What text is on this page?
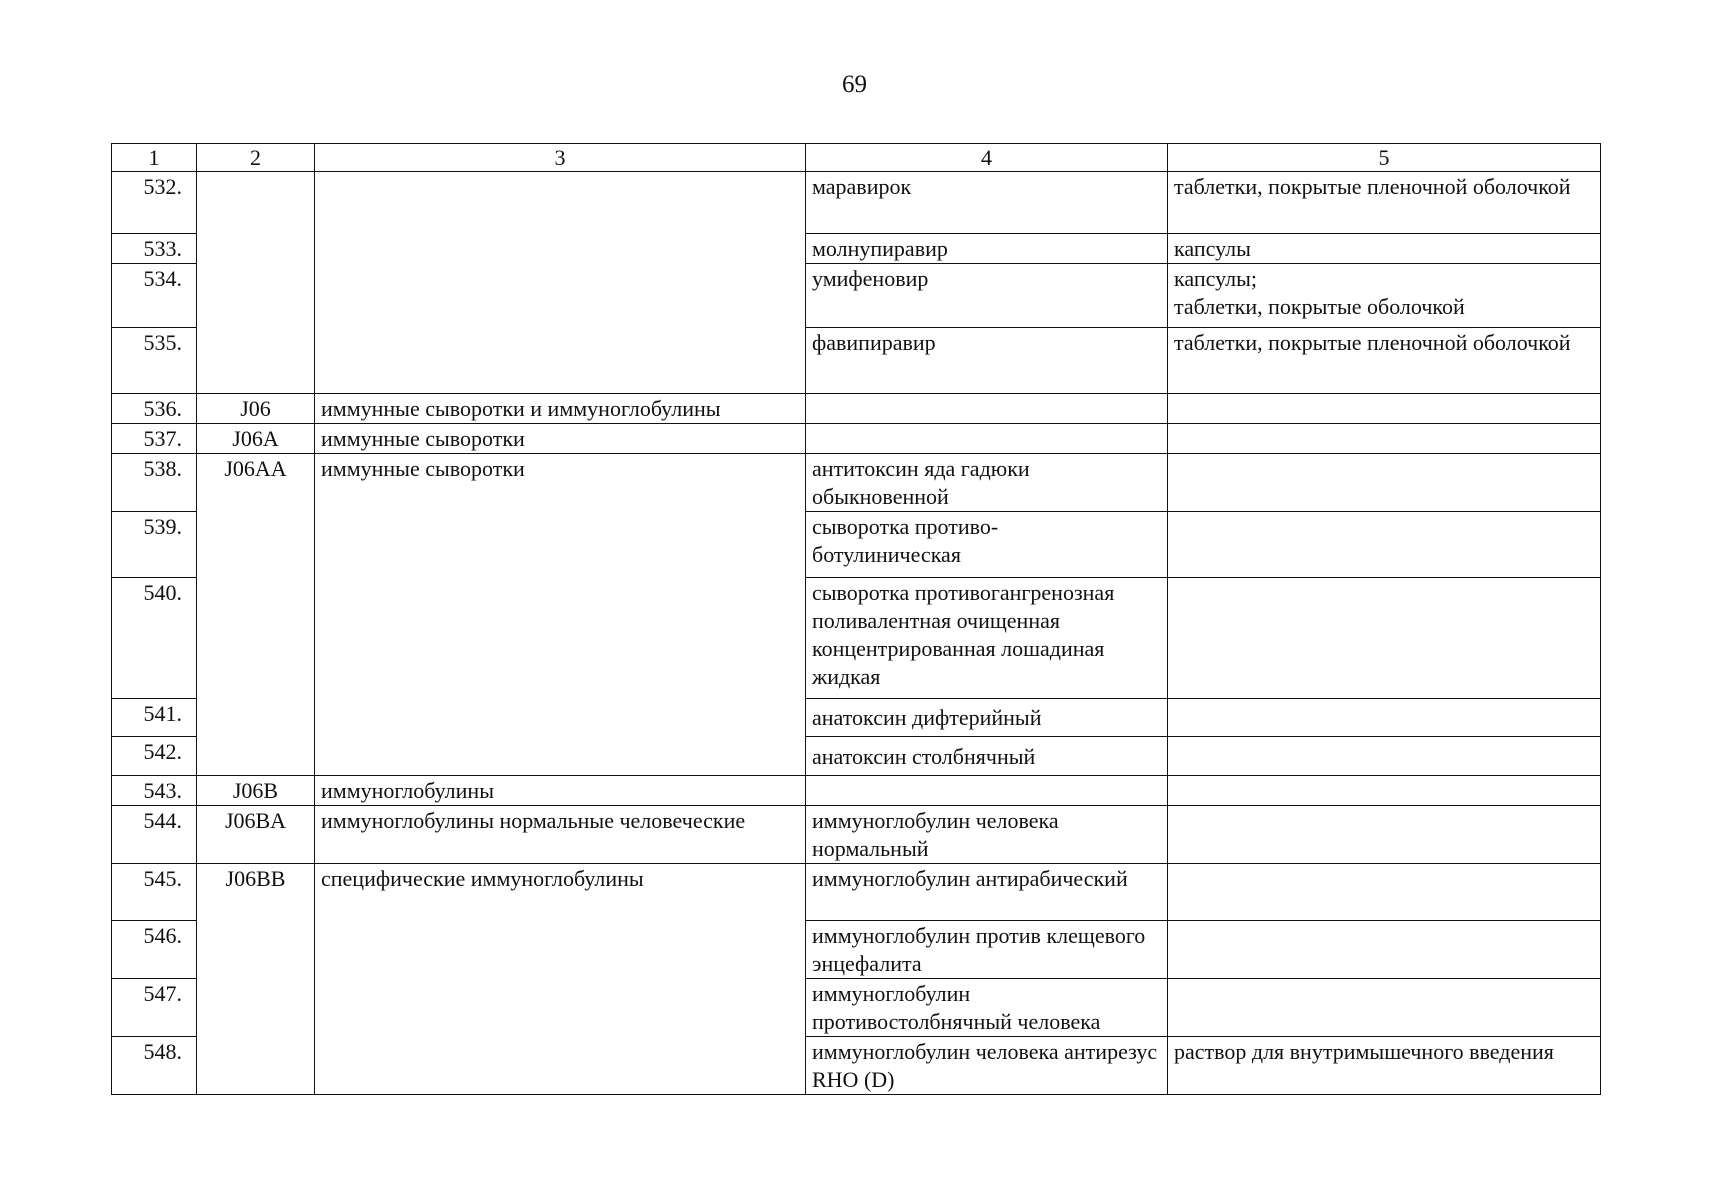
69
1	2	3	4	5
532.			маравирок	таблетки, покрытые пленочной оболочкой
533.			молнупиравир	капсулы
534.			умифеновир	капсулы;
таблетки, покрытые оболочкой
535.			фавипиравир	таблетки, покрытые пленочной оболочкой
536.	J06	иммунные сыворотки и иммуноглобулины		
537.	J06A	иммунные сыворотки		
538.	J06AA	иммунные сыворотки	антитоксин яда гадюки обыкновенной	
539.			сыворотка противо-
ботулиническая	
540.			сыворотка противогангренозная поливалентная очищенная концентрированная лошадиная жидкая	
541.			анатоксин дифтерийный	
542.			анатоксин столбнячный	
543.	J06B	иммуноглобулины		
544.	J06BA	иммуноглобулины нормальные человеческие	иммуноглобулин человека нормальный	
545.	J06BB	специфические иммуноглобулины	иммуноглобулин антирабический	
546.			иммуноглобулин против клещевого энцефалита	
547.			иммуноглобулин противостолбнячный человека	
548.			иммуноглобулин человека антирезус RHO (D)	раствор для внутримышечного введения
